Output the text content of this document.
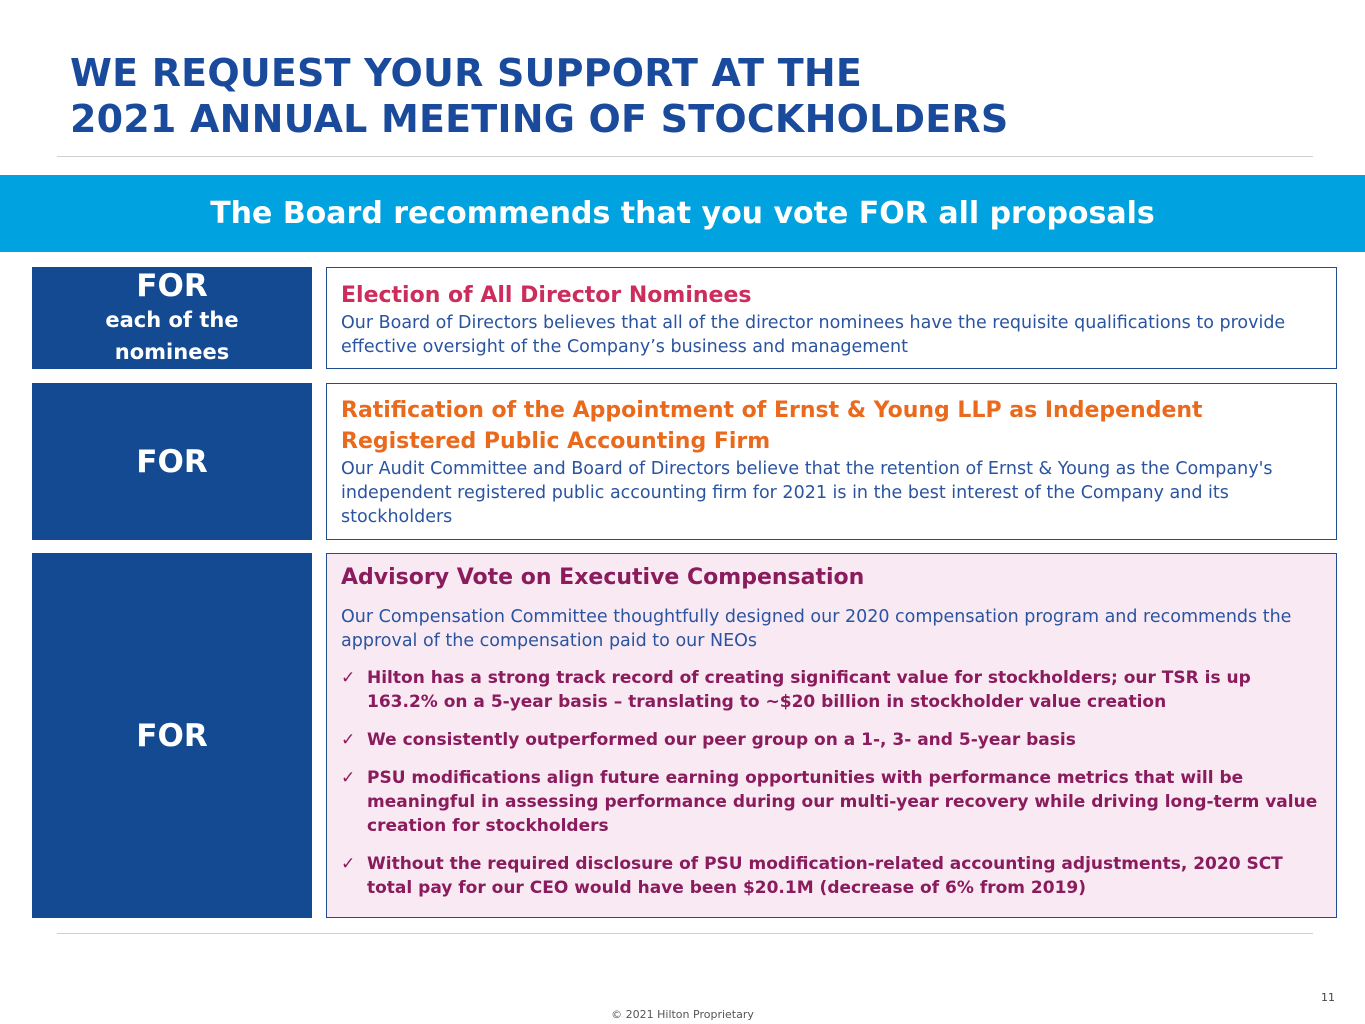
WE REQUEST YOUR SUPPORT AT THE
2021 ANNUAL MEETING OF STOCKHOLDERS
The Board recommends that you vote FOR all proposals
FOR
each of the
nominees
Election of All Director Nominees

Our Board of Directors believes that all of the director nominees have the requisite qualifications to provide effective oversight of the Company’s business and management

FOR
Ratification of the Appointment of Ernst & Young LLP as Independent Registered Public Accounting Firm

Our Audit Committee and Board of Directors believe that the retention of Ernst & Young as the Company's independent registered public accounting firm for 2021 is in the best interest of the Company and its stockholders

FOR
Advisory Vote on Executive Compensation

Our Compensation Committee thoughtfully designed our 2020 compensation program and recommends the approval of the compensation paid to our NEOs

✓ Hilton has a strong track record of creating significant value for stockholders; our TSR is up 163.2% on a 5-year basis – translating to ~$20 billion in stockholder value creation
✓ We consistently outperformed our peer group on a 1-, 3- and 5-year basis
✓ PSU modifications align future earning opportunities with performance metrics that will be meaningful in assessing performance during our multi-year recovery while driving long-term value creation for stockholders
✓ Without the required disclosure of PSU modification-related accounting adjustments, 2020 SCT total pay for our CEO would have been $20.1M (decrease of 6% from 2019)
11
© 2021 Hilton Proprietary
